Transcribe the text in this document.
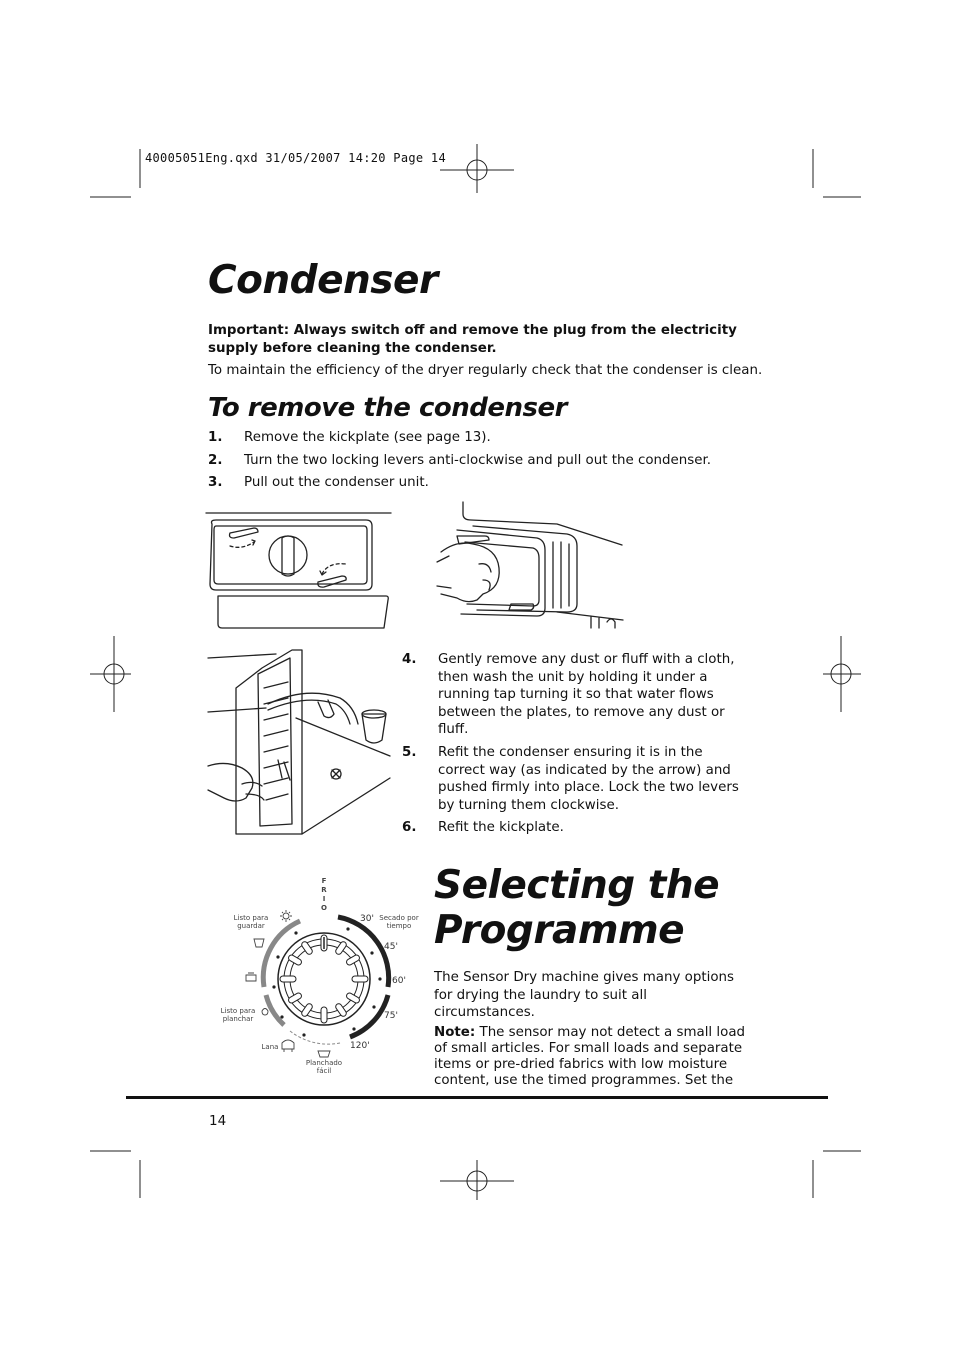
40005051Eng.qxd 31/05/2007 14:20 Page 14
Condenser

Important: Always switch off and remove the plug from the electricity supply before cleaning the condenser.

To maintain the efficiency of the dryer regularly check that the condenser is clean.

To remove the condenser
1. Remove the kickplate (see page 13).
2. Turn the two locking levers anti-clockwise and pull out the condenser.
3. Pull out the condenser unit.
4. Gently remove any dust or fluff with a cloth, then wash the unit by holding it under a running tap turning it so that water flows between the plates, to remove any dust or fluff.
5. Refit the condenser ensuring it is in the correct way (as indicated by the arrow) and pushed firmly into place. Lock the two levers by turning them clockwise.
6. Refit the kickplate.
F
R
I
O
30'
45'
60'
75'
120'
Secado por
tiempo
Listo para
guardar
Listo para
planchar
Lana
Planchado
fácil
Selecting the
Programme

The Sensor Dry machine gives many options for drying the laundry to suit all circumstances.

Note: The sensor may not detect a small load of small articles. For small loads and separate items or pre-dried fabrics with low moisture content, use the timed programmes. Set the

14
